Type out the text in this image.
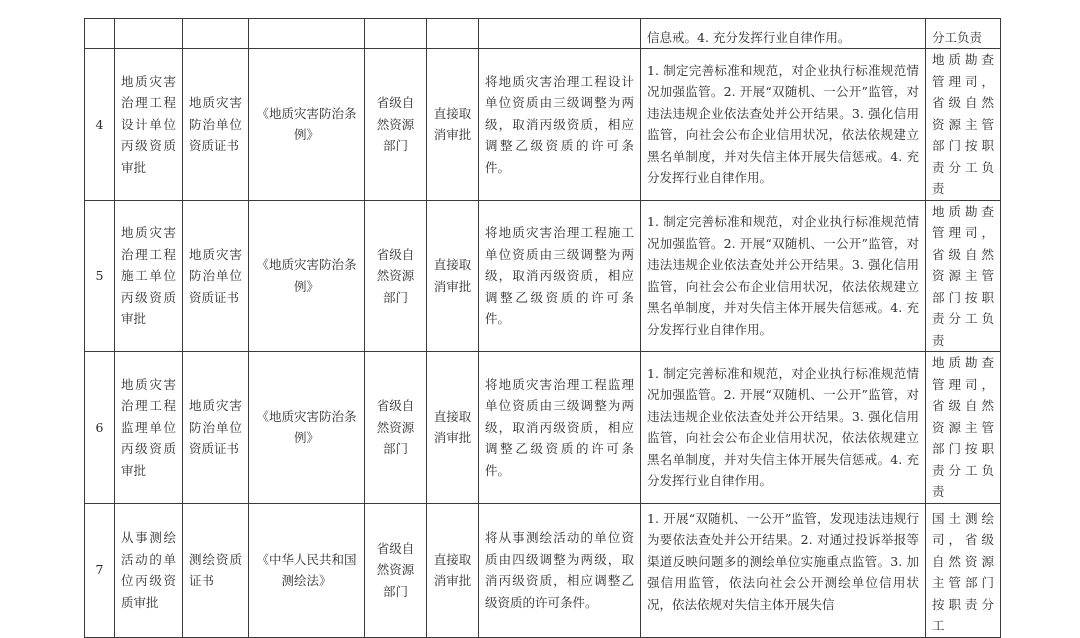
							信息戒。4. 充分发挥行业自律作用。	分工负责
4	地质灾害治理工程设计单位丙级资质审批	地质灾害防治单位资质证书	《地质灾害防治条例》	省级自然资源部门	直接取消审批	将地质灾害治理工程设计单位资质由三级调整为两级，取消丙级资质，相应调整乙级资质的许可条件。	1. 制定完善标准和规范，对企业执行标准规范情况加强监管。2. 开展“双随机、一公开”监管，对违法违规企业依法查处并公开结果。3. 强化信用监管，向社会公布企业信用状况，依法依规建立黑名单制度，并对失信主体开展失信惩戒。4. 充分发挥行业自律作用。	地质勘查管理司，省级自然资源主管部门按职责分工负责
5	地质灾害治理工程施工单位丙级资质审批	地质灾害防治单位资质证书	《地质灾害防治条例》	省级自然资源部门	直接取消审批	将地质灾害治理工程施工单位资质由三级调整为两级，取消丙级资质，相应调整乙级资质的许可条件。	1. 制定完善标准和规范，对企业执行标准规范情况加强监管。2. 开展“双随机、一公开”监管，对违法违规企业依法查处并公开结果。3. 强化信用监管，向社会公布企业信用状况，依法依规建立黑名单制度，并对失信主体开展失信惩戒。4. 充分发挥行业自律作用。	地质勘查管理司，省级自然资源主管部门按职责分工负责
6	地质灾害治理工程监理单位丙级资质审批	地质灾害防治单位资质证书	《地质灾害防治条例》	省级自然资源部门	直接取消审批	将地质灾害治理工程监理单位资质由三级调整为两级，取消丙级资质，相应调整乙级资质的许可条件。	1. 制定完善标准和规范，对企业执行标准规范情况加强监管。2. 开展“双随机、一公开”监管，对违法违规企业依法查处并公开结果。3. 强化信用监管，向社会公布企业信用状况，依法依规建立黑名单制度，并对失信主体开展失信惩戒。4. 充分发挥行业自律作用。	地质勘查管理司，省级自然资源主管部门按职责分工负责
7	从事测绘活动的单位丙级资质审批	测绘资质证书	《中华人民共和国测绘法》	省级自然资源部门	直接取消审批	将从事测绘活动的单位资质由四级调整为两级，取消丙级资质，相应调整乙级资质的许可条件。	1. 开展“双随机、一公开”监管，发现违法违规行为要依法查处并公开结果。2. 对通过投诉举报等渠道反映问题多的测绘单位实施重点监管。3. 加强信用监管，依法向社会公开测绘单位信用状况，依法依规对失信主体开展失信	国土测绘司，省级自然资源主管部门按职责分工
